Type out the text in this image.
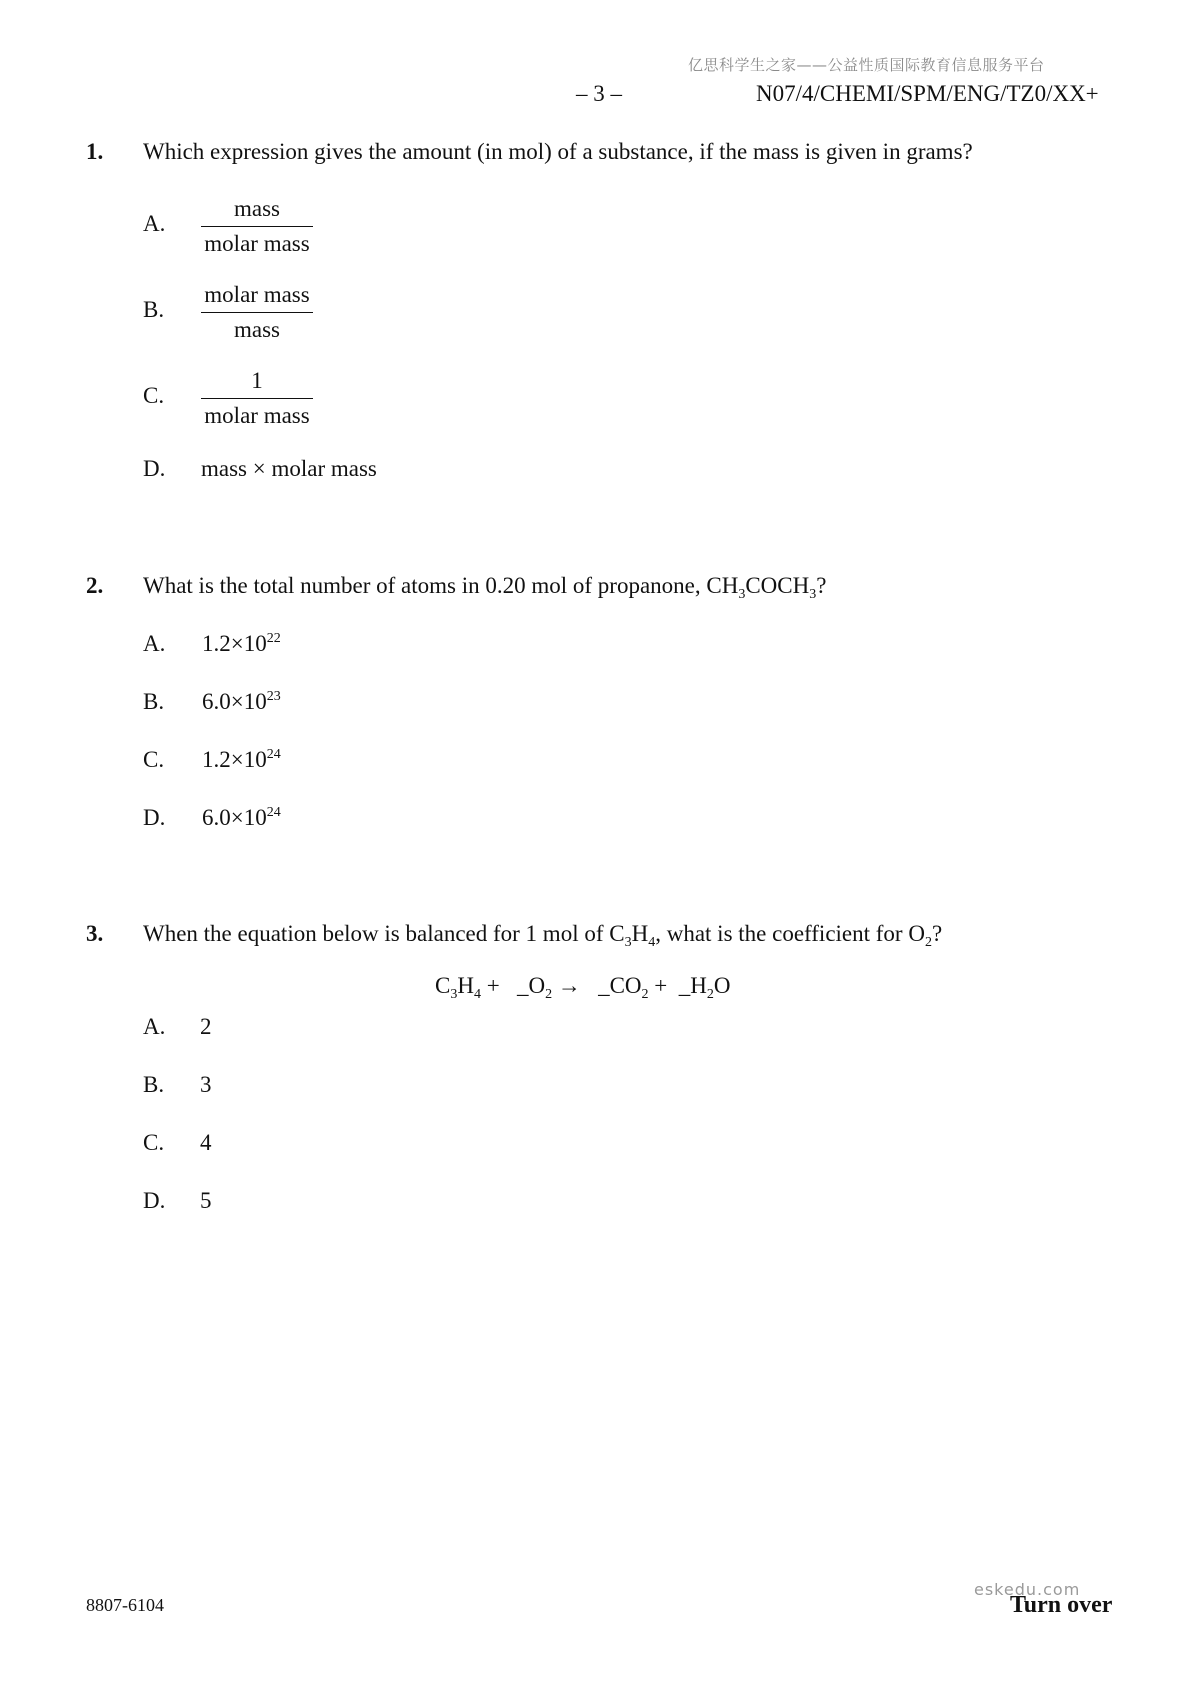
亿思科学生之家——公益性质国际教育信息服务平台
– 3 –	N07/4/CHEMI/SPM/ENG/TZ0/XX+
1. Which expression gives the amount (in mol) of a substance, if the mass is given in grams?
A.
mass
molar mass
B.
molar mass
mass
C.
1
molar mass
D. mass × molar mass
2. What is the total number of atoms in 0.20 mol of propanone, $CH_3COCH_3$?
A. $1.2\times 10^{22}$
B. $6.0\times 10^{23}$
C. $1.2\times 10^{24}$
D. $6.0\times 10^{24}$
3. When the equation below is balanced for 1 mol of $C_3H_4$, what is the coefficient for $O_2$?
$C_3H_4$ +   $\_O_2$ →   $\_CO_2$ +  $\_H_2O$
A. 2
B. 3
C. 4
D. 5
8807-6104
eskedu.com
Turn over
